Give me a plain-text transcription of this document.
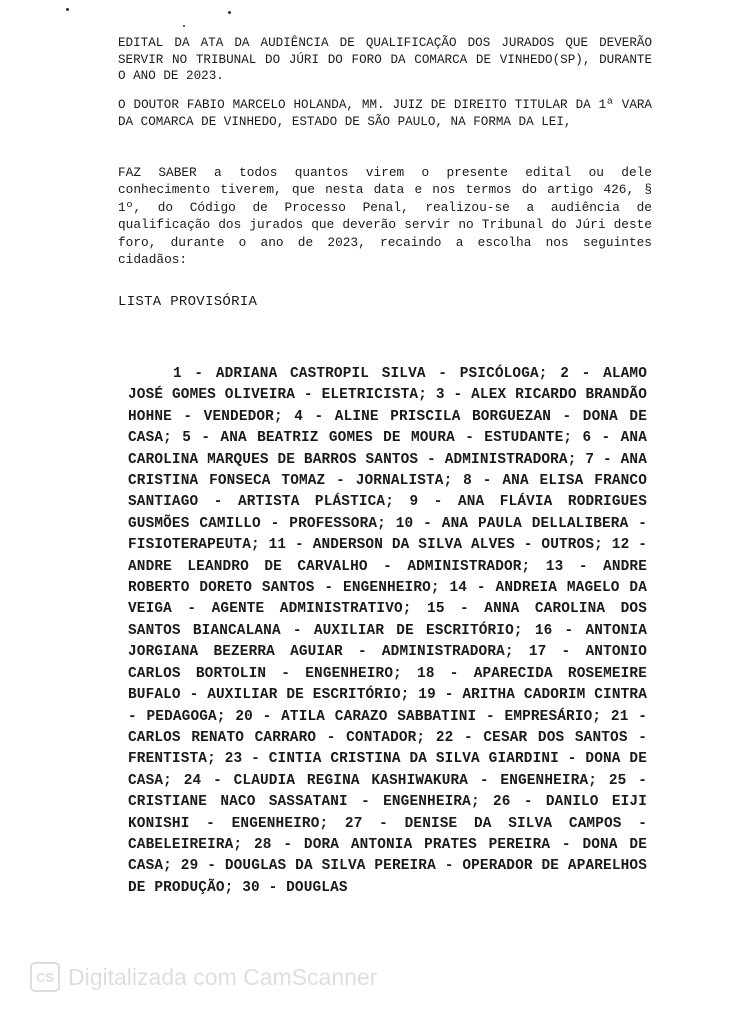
EDITAL DA ATA DA AUDIÊNCIA DE QUALIFICAÇÃO DOS JURADOS QUE DEVERÃO SERVIR NO TRIBUNAL DO JÚRI DO FORO DA COMARCA DE VINHEDO(SP), DURANTE O ANO DE 2023.
O DOUTOR FABIO MARCELO HOLANDA, MM. JUIZ DE DIREITO TITULAR DA 1ª VARA DA COMARCA DE VINHEDO, ESTADO DE SÃO PAULO, NA FORMA DA LEI,
FAZ SABER a todos quantos virem o presente edital ou dele conhecimento tiverem, que nesta data e nos termos do artigo 426, § 1º, do Código de Processo Penal, realizou-se a audiência de qualificação dos jurados que deverão servir no Tribunal do Júri deste foro, durante o ano de 2023, recaindo a escolha nos seguintes cidadãos:
LISTA PROVISÓRIA
1 - ADRIANA CASTROPIL SILVA - PSICÓLOGA; 2 - ALAMO JOSÉ GOMES OLIVEIRA - ELETRICISTA; 3 - ALEX RICARDO BRANDÃO HOHNE - VENDEDOR; 4 - ALINE PRISCILA BORGUEZAN - DONA DE CASA; 5 - ANA BEATRIZ GOMES DE MOURA - ESTUDANTE; 6 - ANA CAROLINA MARQUES DE BARROS SANTOS - ADMINISTRADORA; 7 - ANA CRISTINA FONSECA TOMAZ - JORNALISTA; 8 - ANA ELISA FRANCO SANTIAGO - ARTISTA PLÁSTICA; 9 - ANA FLÁVIA RODRIGUES GUSMÕES CAMILLO - PROFESSORA; 10 - ANA PAULA DELLALIBERA - FISIOTERAPEUTA; 11 - ANDERSON DA SILVA ALVES - OUTROS; 12 - ANDRE LEANDRO DE CARVALHO - ADMINISTRADOR; 13 - ANDRE ROBERTO DORETO SANTOS - ENGENHEIRO; 14 - ANDREIA MAGELO DA VEIGA - AGENTE ADMINISTRATIVO; 15 - ANNA CAROLINA DOS SANTOS BIANCALANA - AUXILIAR DE ESCRITÓRIO; 16 - ANTONIA JORGIANA BEZERRA AGUIAR - ADMINISTRADORA; 17 - ANTONIO CARLOS BORTOLIN - ENGENHEIRO; 18 - APARECIDA ROSEMEIRE BUFALO - AUXILIAR DE ESCRITÓRIO; 19 - ARITHA CADORIM CINTRA - PEDAGOGA; 20 - ATILA CARAZO SABBATINI - EMPRESÁRIO; 21 - CARLOS RENATO CARRARO - CONTADOR; 22 - CESAR DOS SANTOS - FRENTISTA; 23 - CINTIA CRISTINA DA SILVA GIARDINI - DONA DE CASA; 24 - CLAUDIA REGINA KASHIWAKURA - ENGENHEIRA; 25 - CRISTIANE NACO SASSATANI - ENGENHEIRA; 26 - DANILO EIJI KONISHI - ENGENHEIRO; 27 - DENISE DA SILVA CAMPOS - CABELEIREIRA; 28 - DORA ANTONIA PRATES PEREIRA - DONA DE CASA; 29 - DOUGLAS DA SILVA PEREIRA - OPERADOR DE APARELHOS DE PRODUÇÃO; 30 - DOUGLAS
CS Digitalizada com CamScanner
